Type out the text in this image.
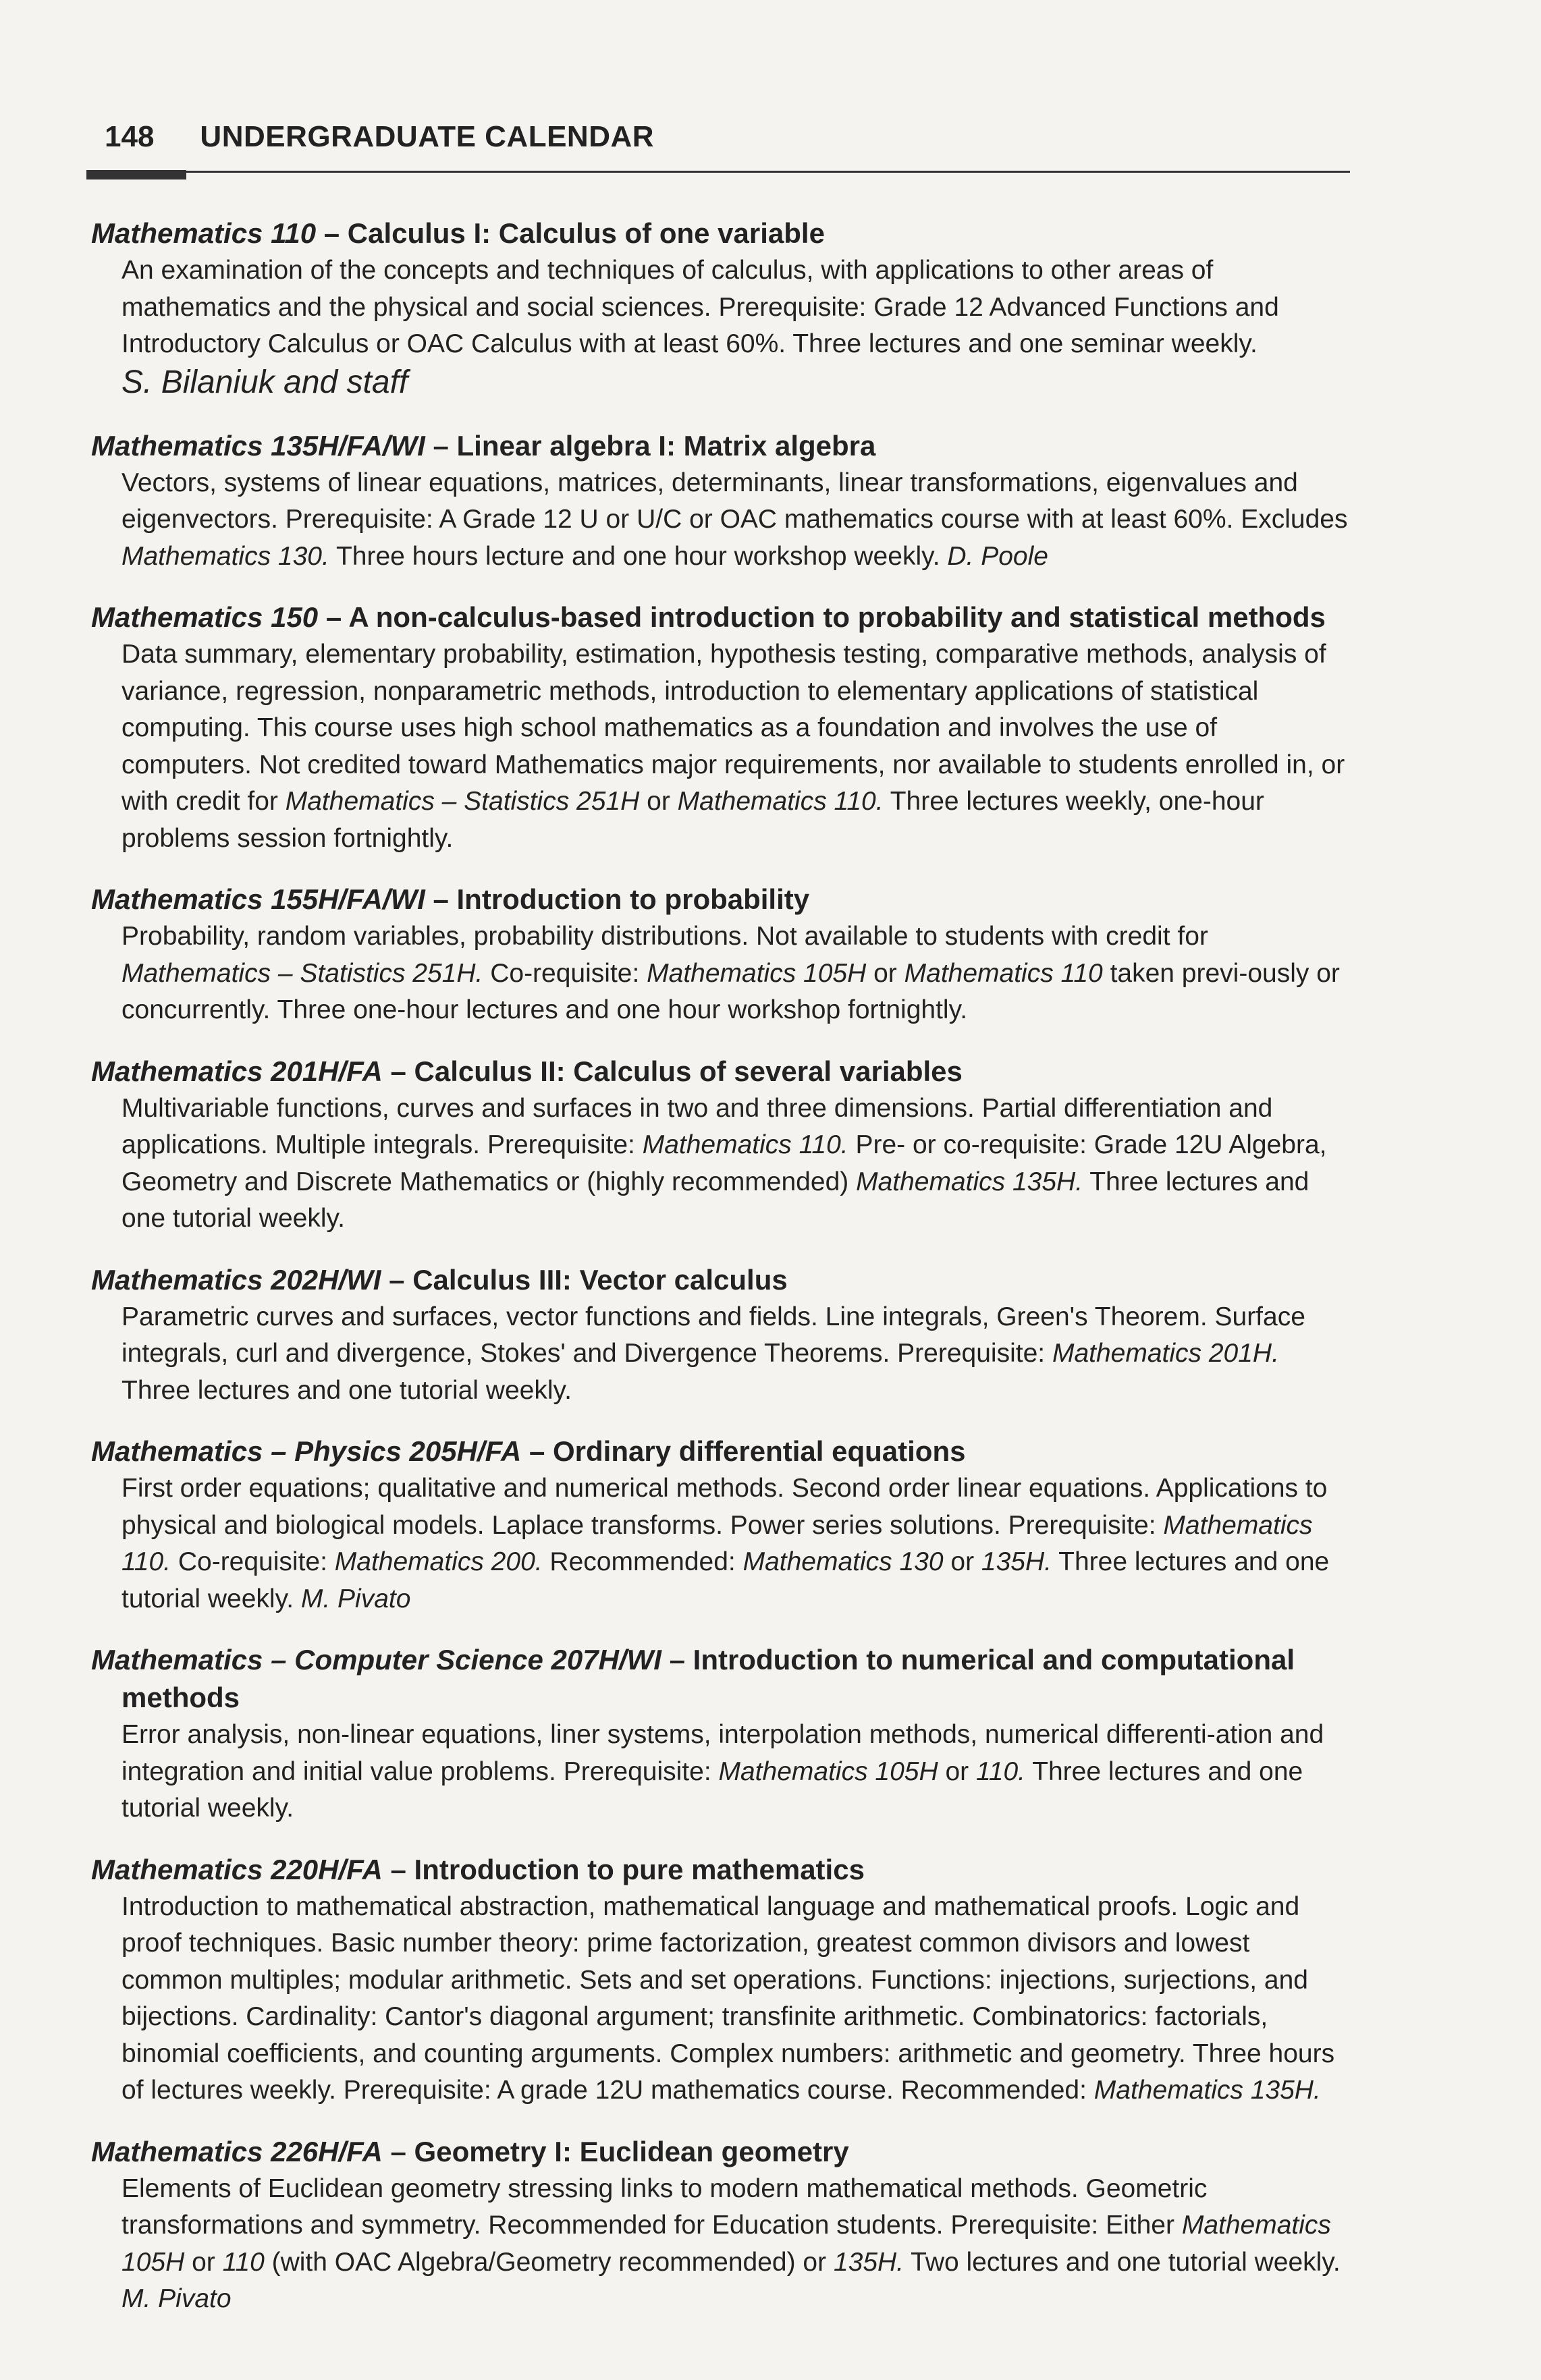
148 UNDERGRADUATE CALENDAR

Mathematics 110 – Calculus I: Calculus of one variable

An examination of the concepts and techniques of calculus, with applications to other areas of mathematics and the physical and social sciences. Prerequisite: Grade 12 Advanced Functions and Introductory Calculus or OAC Calculus with at least 60%. Three lectures and one seminar weekly.
S. Bilaniuk and staff

Mathematics 135H/FA/WI – Linear algebra I: Matrix algebra

Vectors, systems of linear equations, matrices, determinants, linear transformations, eigenvalues and eigenvectors. Prerequisite: A Grade 12 U or U/C or OAC mathematics course with at least 60%. Excludes Mathematics 130. Three hours lecture and one hour workshop weekly. D. Poole

Mathematics 150 – A non-calculus-based introduction to probability and statistical methods

Data summary, elementary probability, estimation, hypothesis testing, comparative methods, analysis of variance, regression, nonparametric methods, introduction to elementary applications of statistical computing. This course uses high school mathematics as a foundation and involves the use of computers. Not credited toward Mathematics major requirements, nor available to students enrolled in, or with credit for Mathematics – Statistics 251H or Mathematics 110. Three lectures weekly, one-hour problems session fortnightly.

Mathematics 155H/FA/WI – Introduction to probability

Probability, random variables, probability distributions. Not available to students with credit for Mathematics – Statistics 251H. Co-requisite: Mathematics 105H or Mathematics 110 taken previ-ously or concurrently. Three one-hour lectures and one hour workshop fortnightly.

Mathematics 201H/FA – Calculus II: Calculus of several variables

Multivariable functions, curves and surfaces in two and three dimensions. Partial differentiation and applications. Multiple integrals. Prerequisite: Mathematics 110. Pre- or co-requisite: Grade 12U Algebra, Geometry and Discrete Mathematics or (highly recommended) Mathematics 135H. Three lectures and one tutorial weekly.

Mathematics 202H/WI – Calculus III: Vector calculus

Parametric curves and surfaces, vector functions and fields. Line integrals, Green's Theorem. Surface integrals, curl and divergence, Stokes' and Divergence Theorems. Prerequisite: Mathematics 201H. Three lectures and one tutorial weekly.

Mathematics – Physics 205H/FA – Ordinary differential equations

First order equations; qualitative and numerical methods. Second order linear equations. Applications to physical and biological models. Laplace transforms. Power series solutions. Prerequisite: Mathematics 110. Co-requisite: Mathematics 200. Recommended: Mathematics 130 or 135H. Three lectures and one tutorial weekly. M. Pivato

Mathematics – Computer Science 207H/WI – Introduction to numerical and computational methods

Error analysis, non-linear equations, liner systems, interpolation methods, numerical differenti-ation and integration and initial value problems. Prerequisite: Mathematics 105H or 110. Three lectures and one tutorial weekly.

Mathematics 220H/FA – Introduction to pure mathematics

Introduction to mathematical abstraction, mathematical language and mathematical proofs. Logic and proof techniques. Basic number theory: prime factorization, greatest common divisors and lowest common multiples; modular arithmetic. Sets and set operations. Functions: injections, surjections, and bijections. Cardinality: Cantor's diagonal argument; transfinite arithmetic. Combinatorics: factorials, binomial coefficients, and counting arguments. Complex numbers: arithmetic and geometry. Three hours of lectures weekly. Prerequisite: A grade 12U mathematics course. Recommended: Mathematics 135H.

Mathematics 226H/FA – Geometry I: Euclidean geometry

Elements of Euclidean geometry stressing links to modern mathematical methods. Geometric transformations and symmetry. Recommended for Education students. Prerequisite: Either Mathematics 105H or 110 (with OAC Algebra/Geometry recommended) or 135H. Two lectures and one tutorial weekly. M. Pivato
